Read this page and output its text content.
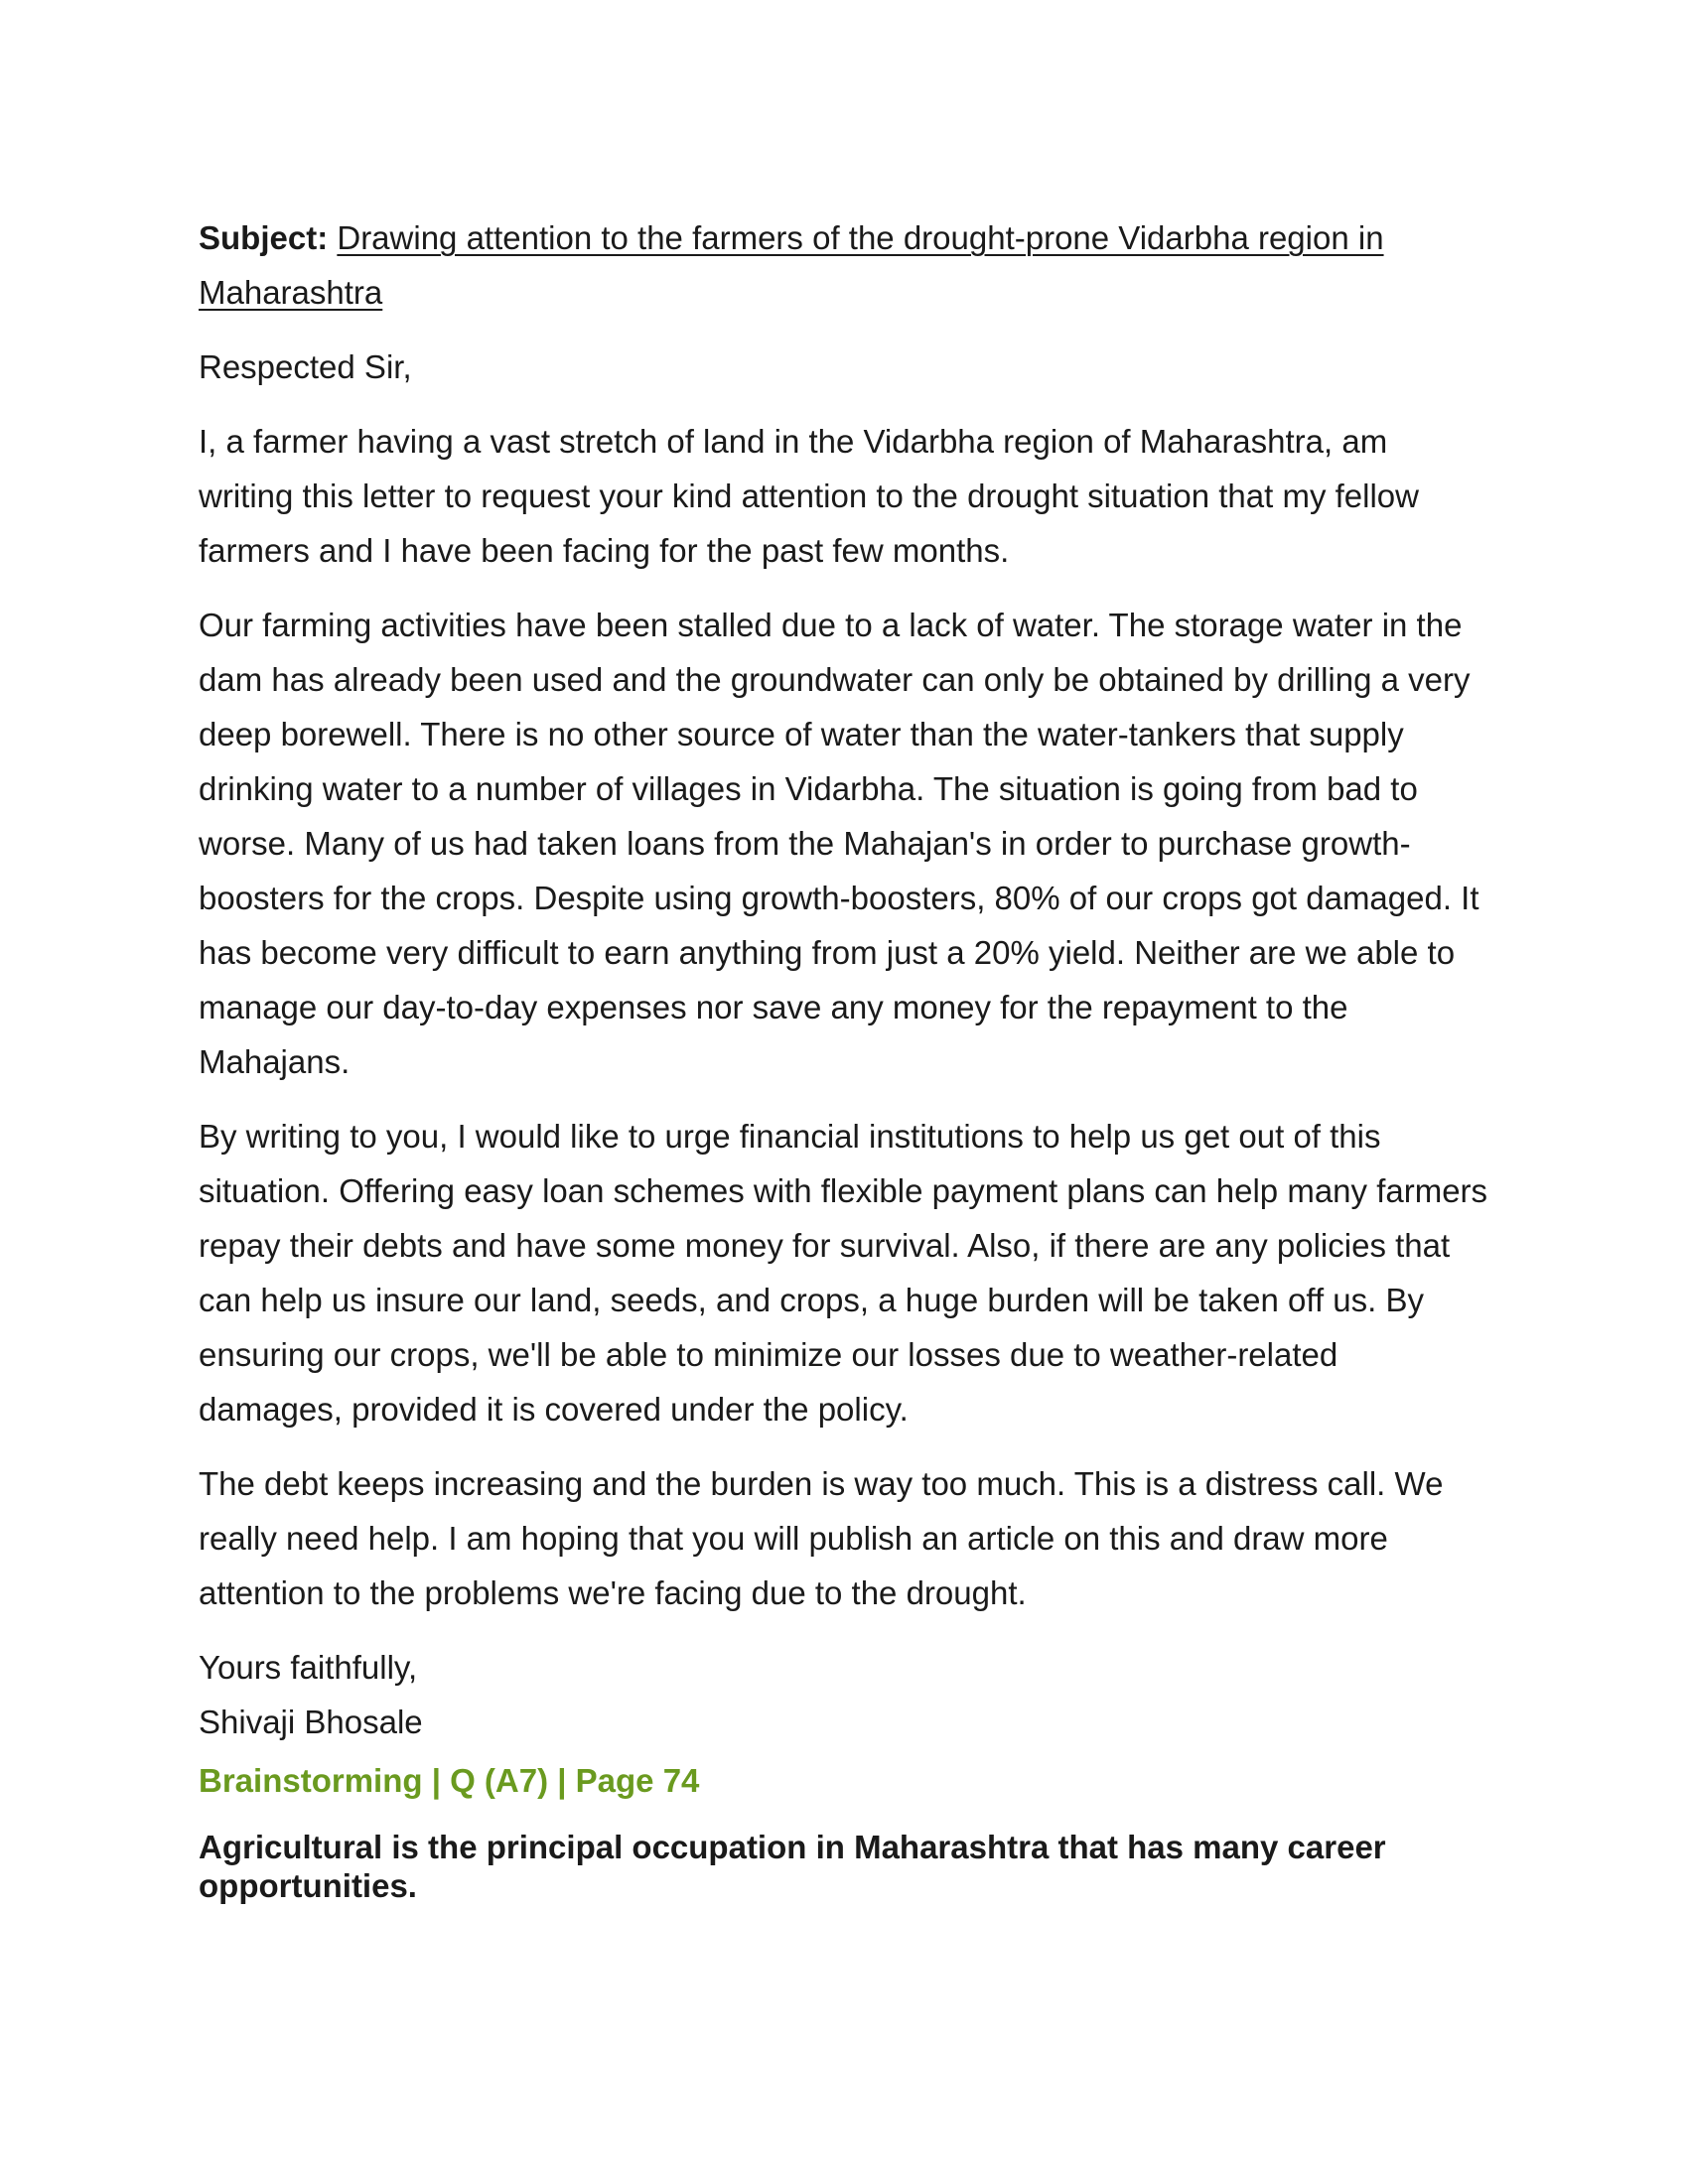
Subject: Drawing attention to the farmers of the drought-prone Vidarbha region in Maharashtra

Respected Sir,

I, a farmer having a vast stretch of land in the Vidarbha region of Maharashtra, am writing this letter to request your kind attention to the drought situation that my fellow farmers and I have been facing for the past few months.

Our farming activities have been stalled due to a lack of water. The storage water in the dam has already been used and the groundwater can only be obtained by drilling a very deep borewell. There is no other source of water than the water-tankers that supply drinking water to a number of villages in Vidarbha. The situation is going from bad to worse. Many of us had taken loans from the Mahajan's in order to purchase growth-boosters for the crops. Despite using growth-boosters, 80% of our crops got damaged. It has become very difficult to earn anything from just a 20% yield. Neither are we able to manage our day-to-day expenses nor save any money for the repayment to the Mahajans.

By writing to you, I would like to urge financial institutions to help us get out of this situation. Offering easy loan schemes with flexible payment plans can help many farmers repay their debts and have some money for survival. Also, if there are any policies that can help us insure our land, seeds, and crops, a huge burden will be taken off us. By ensuring our crops, we'll be able to minimize our losses due to weather-related damages, provided it is covered under the policy.

The debt keeps increasing and the burden is way too much. This is a distress call. We really need help. I am hoping that you will publish an article on this and draw more attention to the problems we're facing due to the drought.

Yours faithfully,

Shivaji Bhosale

Brainstorming | Q (A7) | Page 74

Agricultural is the principal occupation in Maharashtra that has many career opportunities.
